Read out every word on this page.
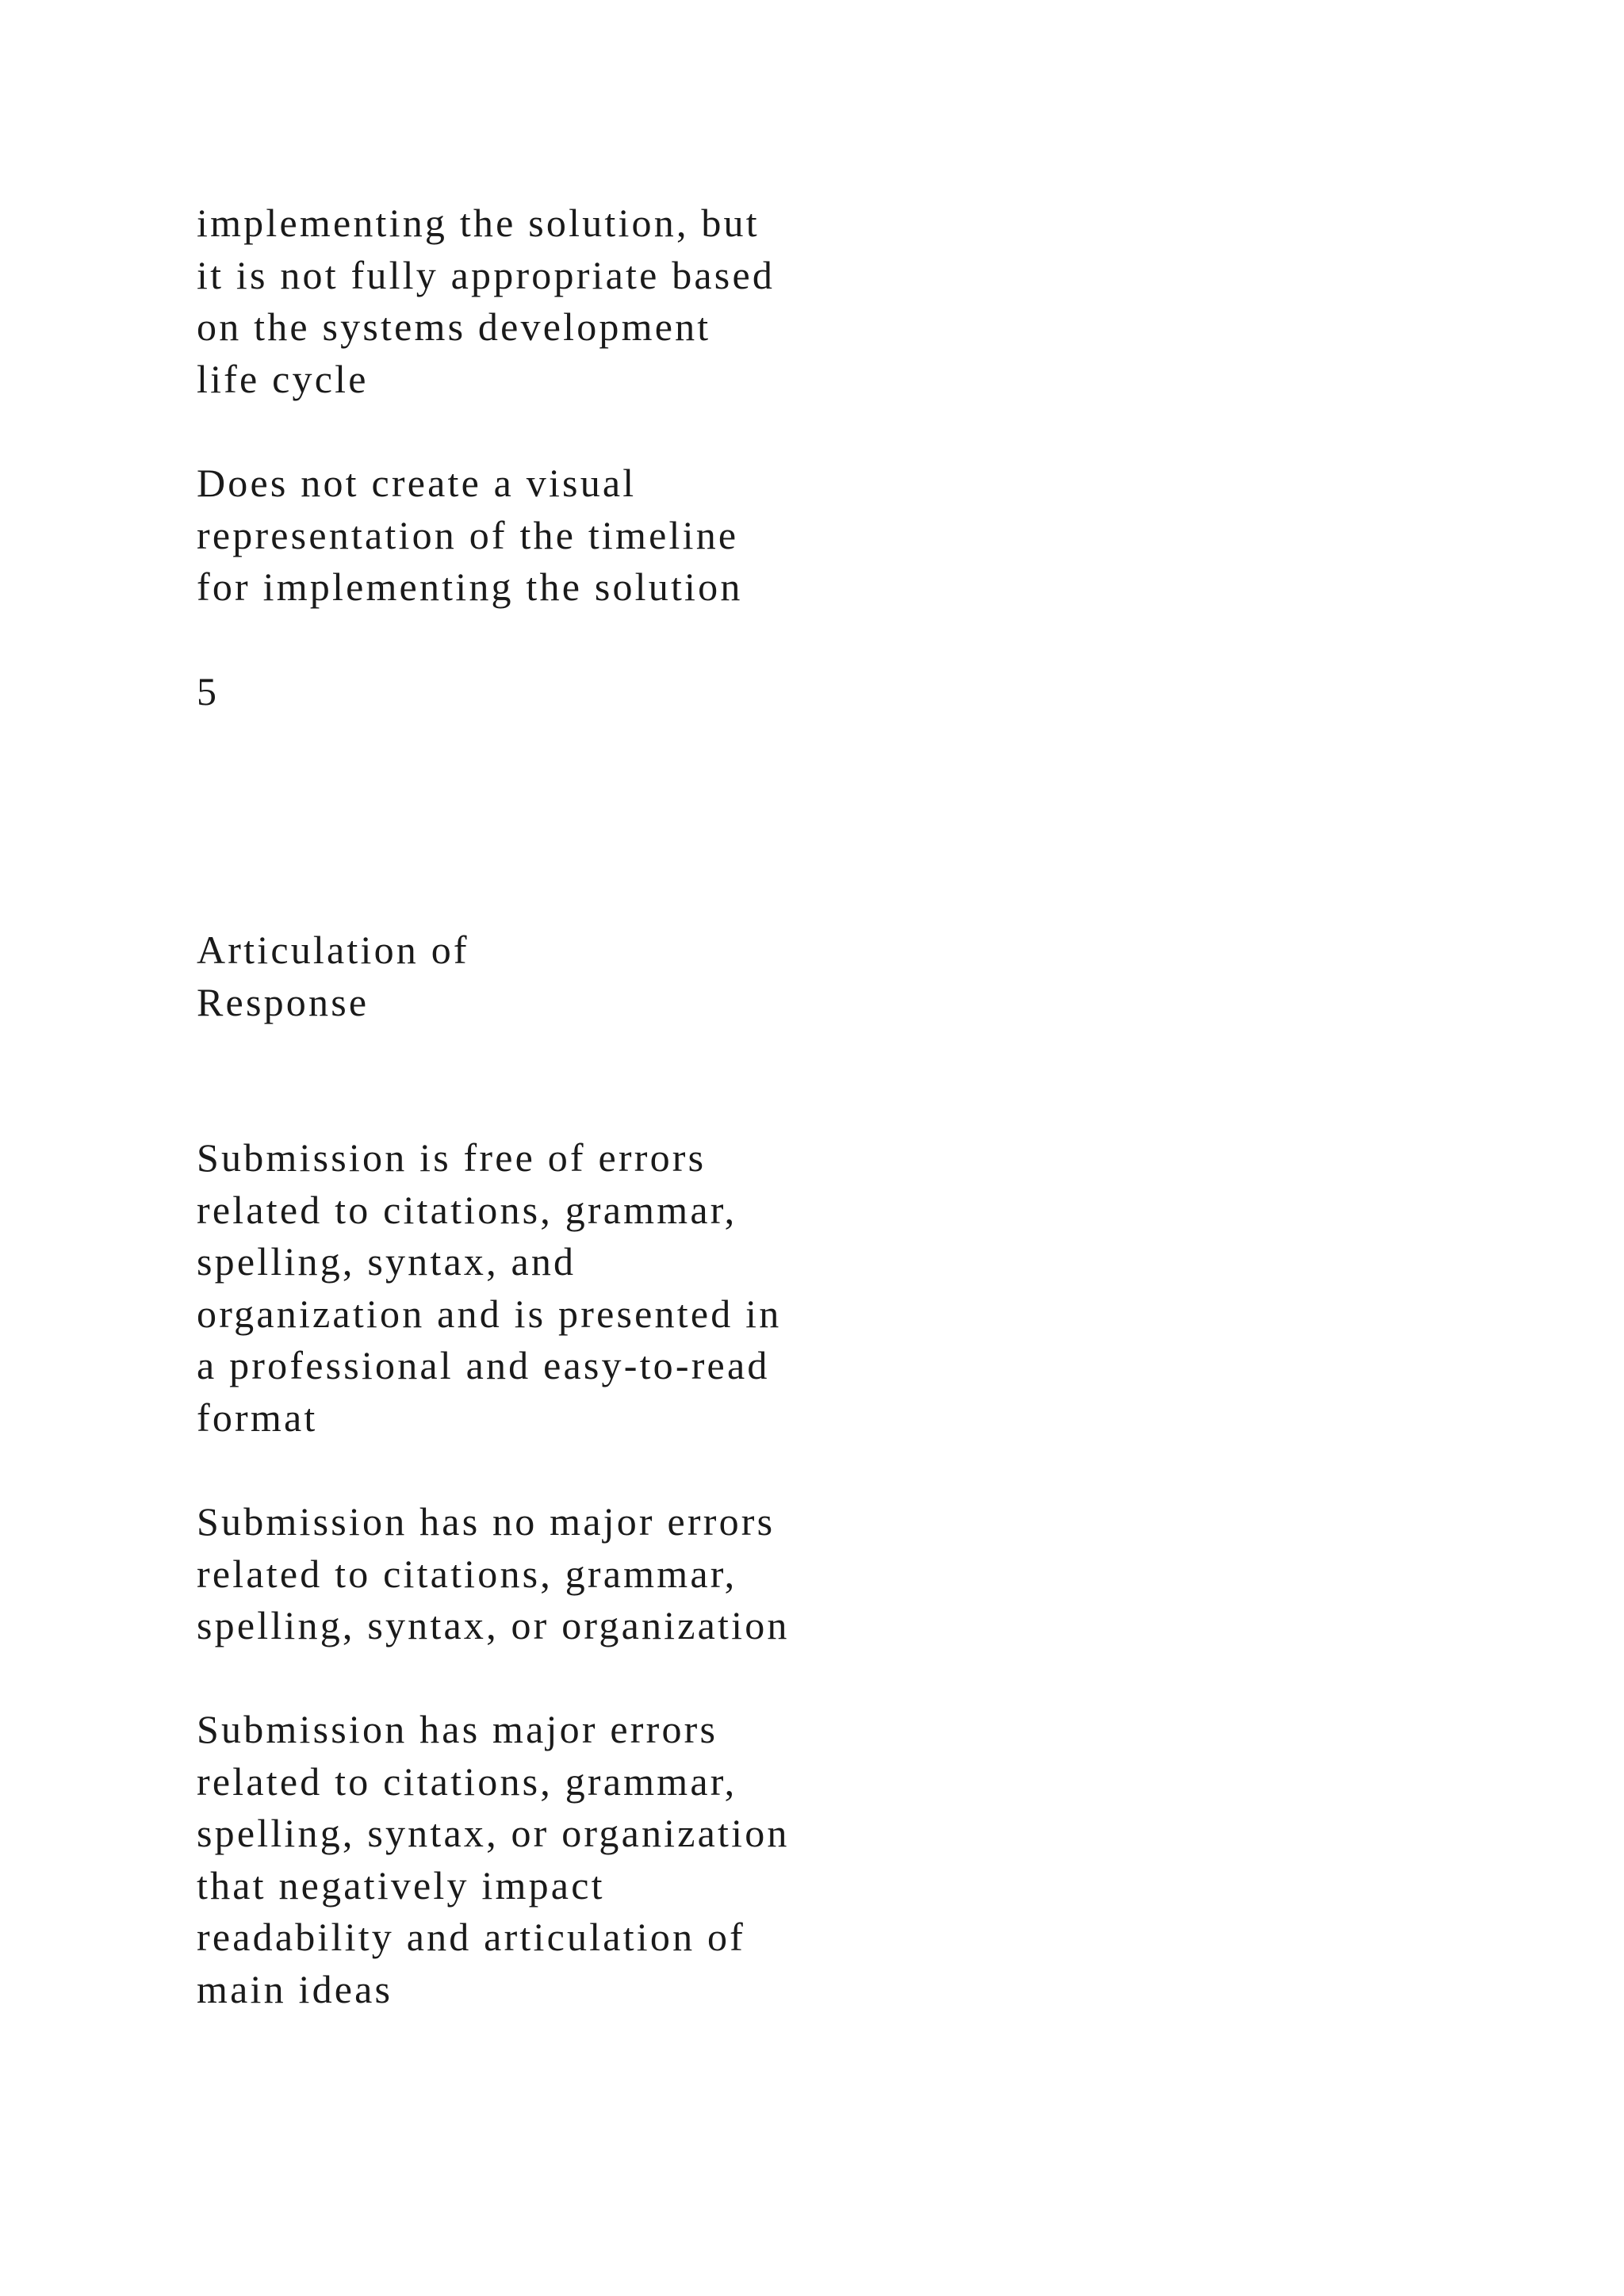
implementing the solution, but
it is not fully appropriate based
on the systems development
life cycle
Does not create a visual
representation of the timeline
for implementing the solution
5
Articulation of
Response
Submission is free of errors
related to citations, grammar,
spelling, syntax, and
organization and is presented in
a professional and easy-to-read
format
Submission has no major errors
related to citations, grammar,
spelling, syntax, or organization
Submission has major errors
related to citations, grammar,
spelling, syntax, or organization
that negatively impact
readability and articulation of
main ideas
